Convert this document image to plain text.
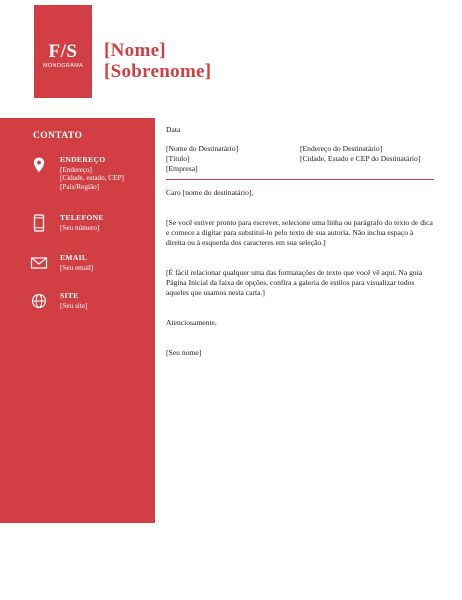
F/S
MONOGRAMA
[Nome]
[Sobrenome]
CONTATO
ENDEREÇO
[Endereço]
[Cidade, estado, CEP]
[País/Região]
TELEFONE
[Seu número]
EMAIL
[Seu email]
SITE
[Seu site]

Data

[Nome do Destinatário]
[Título]
[Empresa]
[Endereço do Destinatário]
[Cidade, Estado e CEP do Destinatário]

Caro [nome do destinatário],

[Se você estiver pronto para escrever, selecione uma linha ou parágrafo do texto de dica e comece a digitar para substituí-lo pelo texto de sua autoria. Não inclua espaço à direita ou à esquerda dos caracteres em sua seleção.]

[É fácil relacionar qualquer uma das formatações de texto que você vê aqui. Na guia Página Inicial da faixa de opções, confira a galeria de estilos para visualizar todos aqueles que usamos nesta carta.]

Atenciosamente,

[Seu nome]
